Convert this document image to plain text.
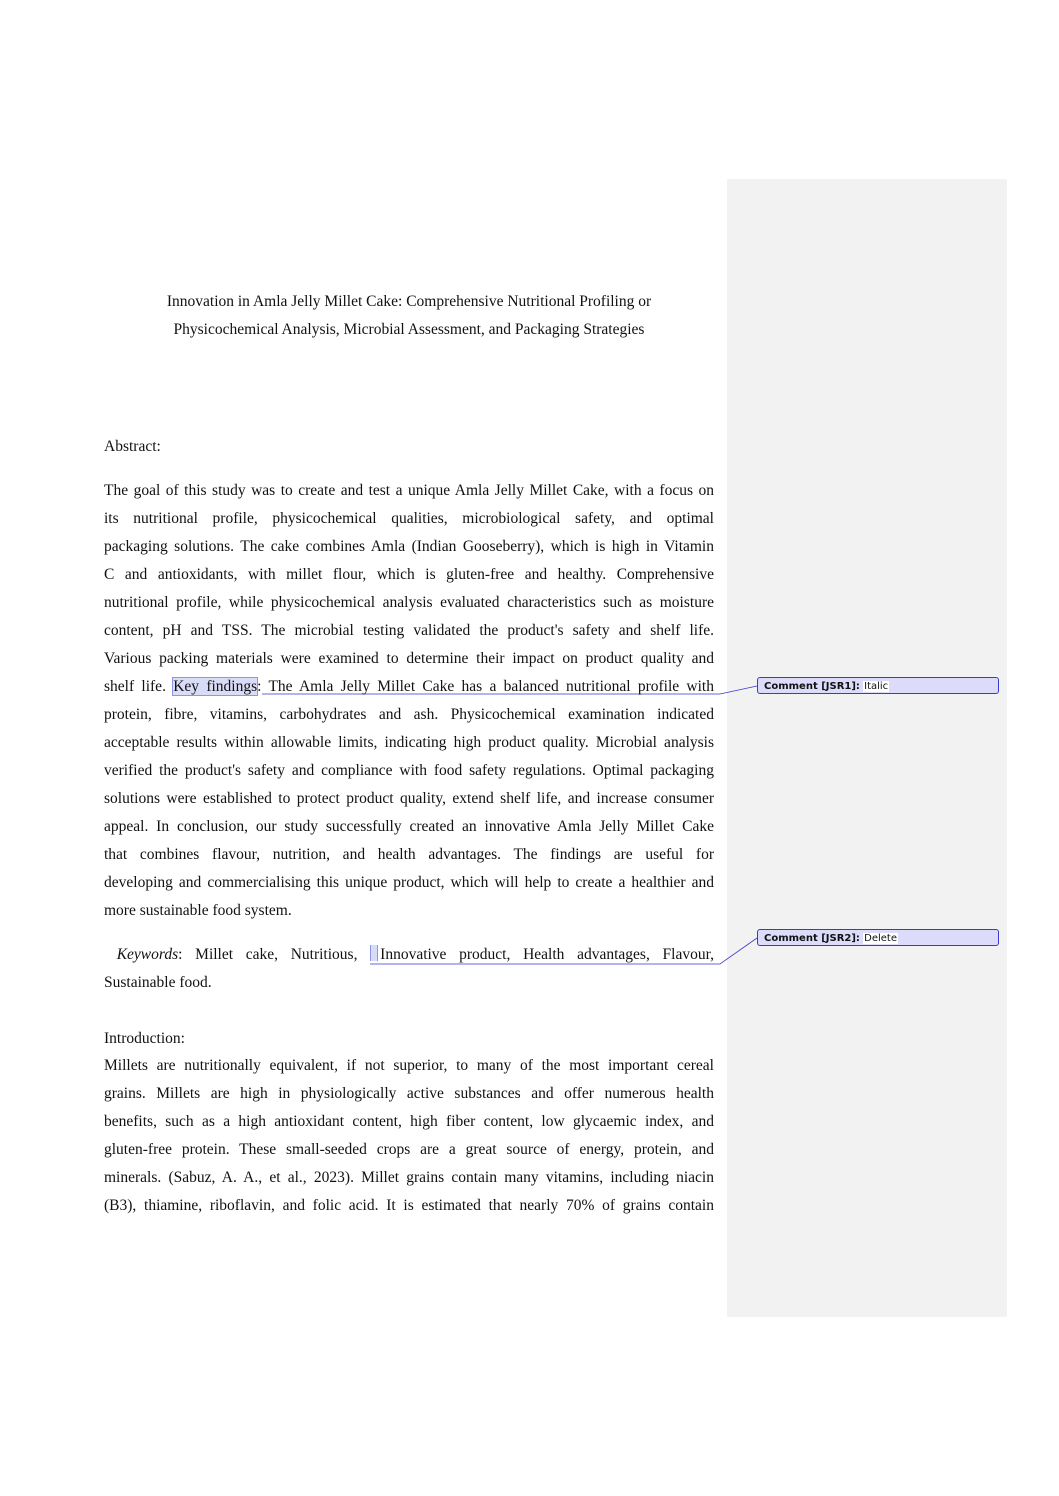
Innovation in Amla Jelly Millet Cake: Comprehensive Nutritional Profiling or
Physicochemical Analysis, Microbial Assessment, and Packaging Strategies
Abstract:
The goal of this study was to create and test a unique Amla Jelly Millet Cake, with a focus on
its nutritional profile, physicochemical qualities, microbiological safety, and optimal
packaging solutions. The cake combines Amla (Indian Gooseberry), which is high in Vitamin
C and antioxidants, with millet flour, which is gluten-free and healthy. Comprehensive
nutritional profile, while physicochemical analysis evaluated characteristics such as moisture
content, pH and TSS. The microbial testing validated the product's safety and shelf life.
Various packing materials were examined to determine their impact on product quality and
shelf life. Key findings: The Amla Jelly Millet Cake has a balanced nutritional profile with
protein, fibre, vitamins, carbohydrates and ash. Physicochemical examination indicated
acceptable results within allowable limits, indicating high product quality. Microbial analysis
verified the product's safety and compliance with food safety regulations. Optimal packaging
solutions were established to protect product quality, extend shelf life, and increase consumer
appeal. In conclusion, our study successfully created an innovative Amla Jelly Millet Cake
that combines flavour, nutrition, and health advantages. The findings are useful for
developing and commercialising this unique product, which will help to create a healthier and
more sustainable food system.
Keywords: Millet cake, Nutritious, Innovative product, Health advantages, Flavour,
Sustainable food.
Introduction:
Millets are nutritionally equivalent, if not superior, to many of the most important cereal
grains. Millets are high in physiologically active substances and offer numerous health
benefits, such as a high antioxidant content, high fiber content, low glycaemic index, and
gluten-free protein. These small-seeded crops are a great source of energy, protein, and
minerals. (Sabuz, A. A., et al., 2023). Millet grains contain many vitamins, including niacin
(B3), thiamine, riboflavin, and folic acid. It is estimated that nearly 70% of grains contain
Comment [JSR1]: Italic
Comment [JSR2]: Delete
